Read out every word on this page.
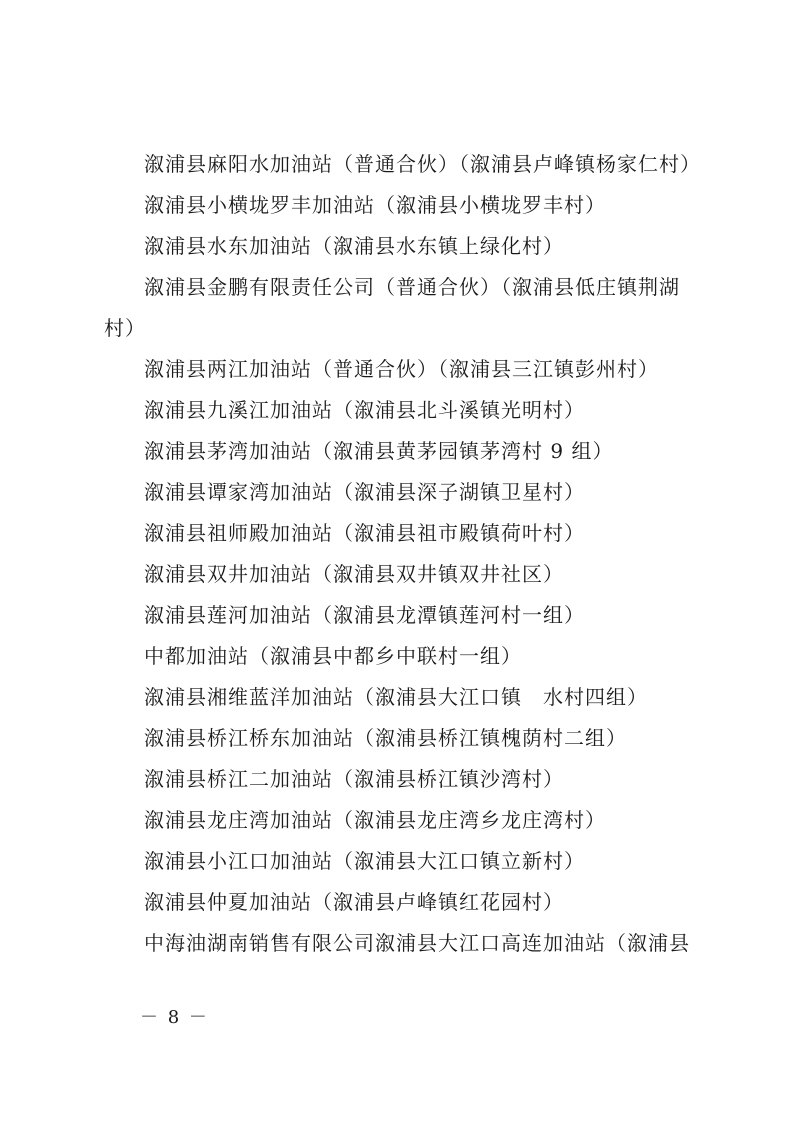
溆浦县麻阳水加油站（普通合伙）（溆浦县卢峰镇杨家仁村）

溆浦县小横垅罗丰加油站（溆浦县小横垅罗丰村）

溆浦县水东加油站（溆浦县水东镇上绿化村）

溆浦县金鹏有限责任公司（普通合伙）（溆浦县低庄镇荆湖村）

溆浦县两江加油站（普通合伙）（溆浦县三江镇彭州村）

溆浦县九溪江加油站（溆浦县北斗溪镇光明村）

溆浦县茅湾加油站（溆浦县黄茅园镇茅湾村 9 组）

溆浦县谭家湾加油站（溆浦县深子湖镇卫星村）

溆浦县祖师殿加油站（溆浦县祖市殿镇荷叶村）

溆浦县双井加油站（溆浦县双井镇双井社区）

溆浦县莲河加油站（溆浦县龙潭镇莲河村一组）

中都加油站（溆浦县中都乡中联村一组）

溆浦县湘维蓝洋加油站（溆浦县大江口镇　水村四组）

溆浦县桥江桥东加油站（溆浦县桥江镇槐荫村二组）

溆浦县桥江二加油站（溆浦县桥江镇沙湾村）

溆浦县龙庄湾加油站（溆浦县龙庄湾乡龙庄湾村）

溆浦县小江口加油站（溆浦县大江口镇立新村）

溆浦县仲夏加油站（溆浦县卢峰镇红花园村）

中海油湖南销售有限公司溆浦县大江口高连加油站（溆浦县

－ 8 －
